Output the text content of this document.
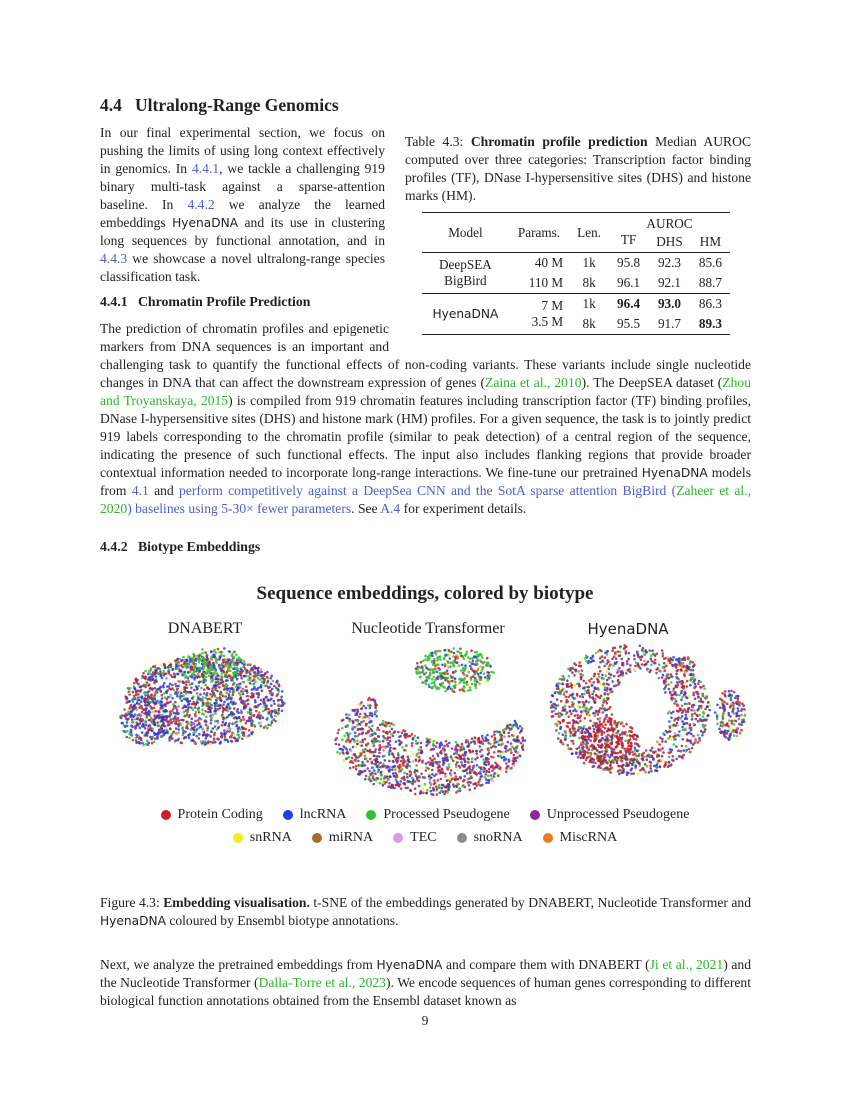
4.4 Ultralong-Range Genomics
In our final experimental section, we focus on pushing the limits of using long context effectively in genomics. In 4.4.1, we tackle a challenging 919 binary multi-task against a sparse-attention baseline. In 4.4.2 we analyze the learned embeddings HyenaDNA and its use in clustering long sequences by functional annotation, and in 4.4.3 we showcase a novel ultralong-range species classification task.
Table 4.3: Chromatin profile prediction Median AUROC computed over three categories: Transcription factor binding profiles (TF), DNase I-hypersensitive sites (DHS) and histone marks (HM).
Model	Params.	Len.	AUROC		
			TF	DHS	HM
DeepSEA	40 M	1k	95.8	92.3	85.6
BigBird	110 M	8k	96.1	92.1	88.7
HyenaDNA	7 M	1k	96.4	93.0	86.3
	3.5 M	8k	95.5	91.7	89.3
4.4.1 Chromatin Profile Prediction
The prediction of chromatin profiles and epigenetic markers from DNA sequences is an important and challenging task to quantify the functional effects of non-coding variants. These variants include single nucleotide changes in DNA that can affect the downstream expression of genes (Zaina et al., 2010). The DeepSEA dataset (Zhou and Troyanskaya, 2015) is compiled from 919 chromatin features including transcription factor (TF) binding profiles, DNase I-hypersensitive sites (DHS) and histone mark (HM) profiles. For a given sequence, the task is to jointly predict 919 labels corresponding to the chromatin profile (similar to peak detection) of a central region of the sequence, indicating the presence of such functional effects. The input also includes flanking regions that provide broader contextual information needed to incorporate long-range interactions. We fine-tune our pretrained HyenaDNA models from 4.1 and perform competitively against a DeepSea CNN and the SotA sparse attention BigBird (Zaheer et al., 2020) baselines using 5-30× fewer parameters. See A.4 for experiment details.
4.4.2 Biotype Embeddings
Sequence embeddings, colored by biotype
DNABERT	Nucleotide Transformer	HyenaDNA
Protein Coding	lncRNA	Processed Pseudogene	Unprocessed Pseudogene
snRNA	miRNA	TEC	snoRNA	MiscRNA
Figure 4.3: Embedding visualisation. t-SNE of the embeddings generated by DNABERT, Nucleotide Transformer and HyenaDNA coloured by Ensembl biotype annotations.
Next, we analyze the pretrained embeddings from HyenaDNA and compare them with DNABERT (Ji et al., 2021) and the Nucleotide Transformer (Dalla-Torre et al., 2023). We encode sequences of human genes corresponding to different biological function annotations obtained from the Ensembl dataset known as
9
